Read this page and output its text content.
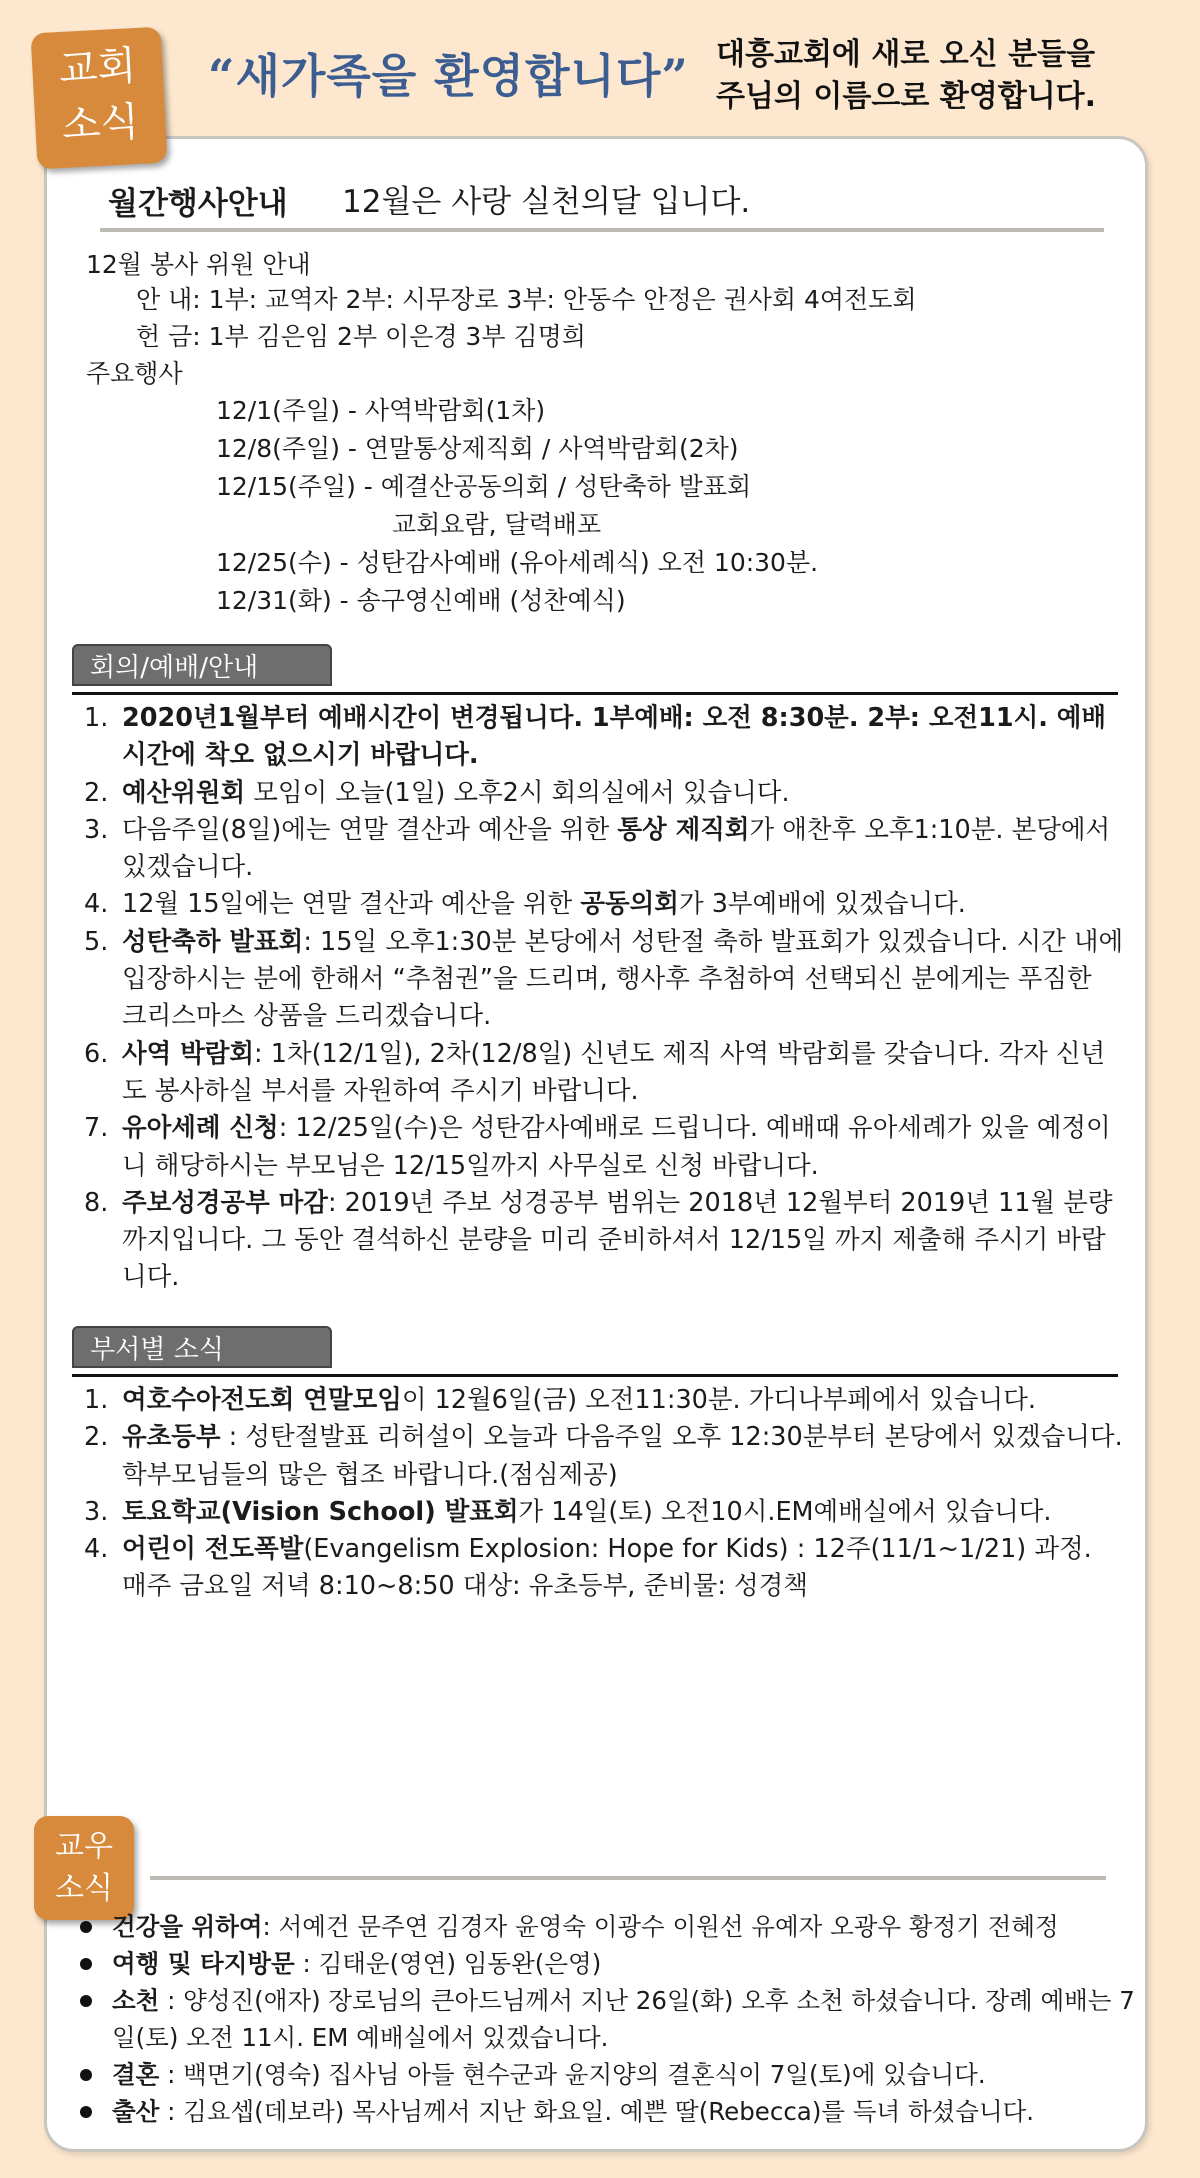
교회
소식
“새가족을 환영합니다” 대흥교회에 새로 오신 분들을
주님의 이름으로 환영합니다.
월간행사안내 12월은 사랑 실천의달 입니다.
12월 봉사 위원 안내
안 내: 1부: 교역자 2부: 시무장로 3부: 안동수 안정은 권사회 4여전도회
헌 금: 1부 김은임 2부 이은경 3부 김명희
주요행사
12/1(주일) - 사역박람회(1차)
12/8(주일) - 연말통상제직회 / 사역박람회(2차)
12/15(주일) - 예결산공동의회 / 성탄축하 발표회
교회요람, 달력배포
12/25(수) - 성탄감사예배 (유아세례식) 오전 10:30분.
12/31(화) - 송구영신예배 (성찬예식)
회의/예배/안내
1. 2020년1월부터 예배시간이 변경됩니다. 1부예배: 오전 8:30분. 2부: 오전11시. 예배시간에 착오 없으시기 바랍니다.
2. 예산위원회 모임이 오늘(1일) 오후2시 회의실에서 있습니다.
3. 다음주일(8일)에는 연말 결산과 예산을 위한 통상 제직회가 애찬후 오후1:10분. 본당에서 있겠습니다.
4. 12월 15일에는 연말 결산과 예산을 위한 공동의회가 3부예배에 있겠습니다.
5. 성탄축하 발표회: 15일 오후1:30분 본당에서 성탄절 축하 발표회가 있겠습니다. 시간 내에 입장하시는 분에 한해서 “추첨권”을 드리며, 행사후 추첨하여 선택되신 분에게는 푸짐한 크리스마스 상품을 드리겠습니다.
6. 사역 박람회: 1차(12/1일), 2차(12/8일) 신년도 제직 사역 박람회를 갖습니다. 각자 신년도 봉사하실 부서를 자원하여 주시기 바랍니다.
7. 유아세례 신청: 12/25일(수)은 성탄감사예배로 드립니다. 예배때 유아세례가 있을 예정이니 해당하시는 부모님은 12/15일까지 사무실로 신청 바랍니다.
8. 주보성경공부 마감: 2019년 주보 성경공부 범위는 2018년 12월부터 2019년 11월 분량까지입니다. 그 동안 결석하신 분량을 미리 준비하셔서 12/15일 까지 제출해 주시기 바랍니다.
부서별 소식
1. 여호수아전도회 연말모임이 12월6일(금) 오전11:30분. 가디나부페에서 있습니다.
2. 유초등부 : 성탄절발표 리허설이 오늘과 다음주일 오후 12:30분부터 본당에서 있겠습니다. 학부모님들의 많은 협조 바랍니다.(점심제공)
3. 토요학교(Vision School) 발표회가 14일(토) 오전10시.EM예배실에서 있습니다.
4. 어린이 전도폭발(Evangelism Explosion: Hope for Kids) : 12주(11/1~1/21) 과정. 매주 금요일 저녁 8:10~8:50 대상: 유초등부, 준비물: 성경책
교우
소식
건강을 위하여: 서예건 문주연 김경자 윤영숙 이광수 이원선 유예자 오광우 황정기 전혜정
여행 및 타지방문 : 김태운(영연) 임동완(은영)
소천 : 양성진(애자) 장로님의 큰아드님께서 지난 26일(화) 오후 소천 하셨습니다. 장례 예배는 7일(토) 오전 11시. EM 예배실에서 있겠습니다.
결혼 : 백면기(영숙) 집사님 아들 현수군과 윤지양의 결혼식이 7일(토)에 있습니다.
출산 : 김요셉(데보라) 목사님께서 지난 화요일. 예쁜 딸(Rebecca)를 득녀 하셨습니다.
